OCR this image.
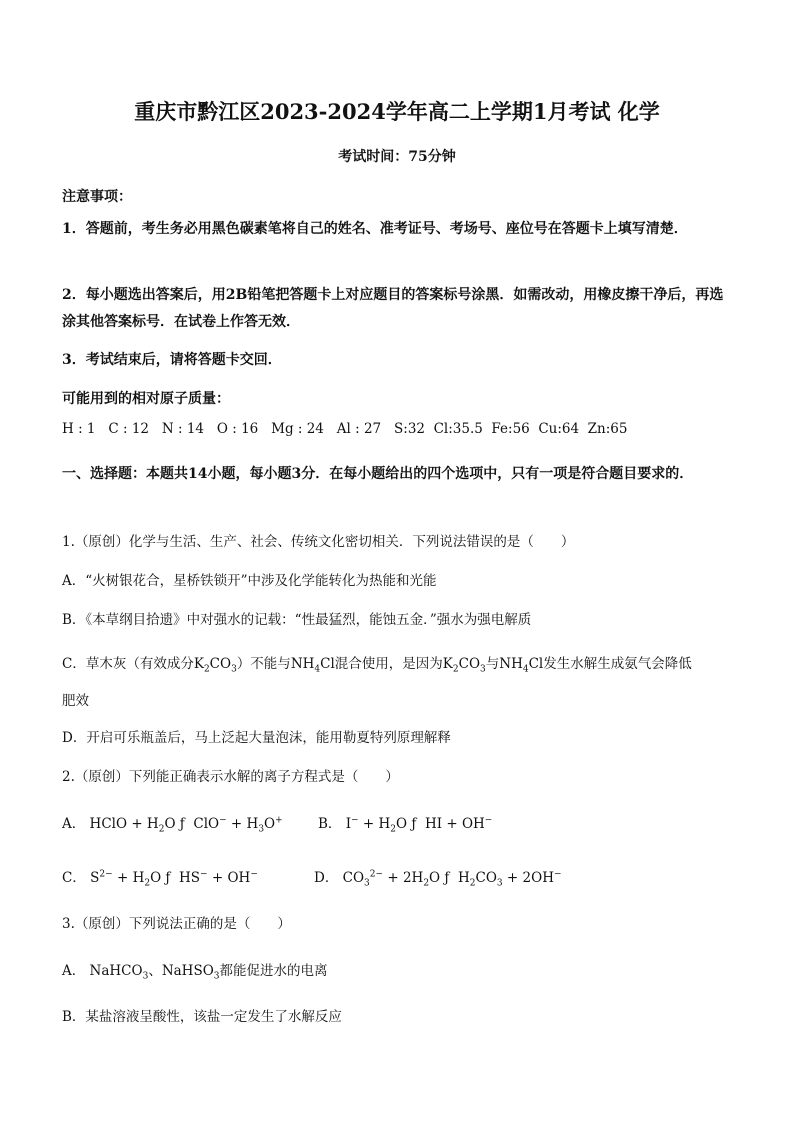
重庆市黔江区2023-2024学年高二上学期1月考试 化学
考试时间：75分钟
注意事项：
1．答题前，考生务必用黑色碳素笔将自己的姓名、准考证号、考场号、座位号在答题卡上填写清楚．
2．每小题选出答案后，用2B铅笔把答题卡上对应题目的答案标号涂黑．如需改动，用橡皮擦干净后，再选涂其他答案标号．在试卷上作答无效．
3．考试结束后，请将答题卡交回．
可能用到的相对原子质量：
H : 1   C : 12   N : 14   O : 16   Mg : 24   Al : 27   S:32  Cl:35.5  Fe:56  Cu:64  Zn:65
一、选择题：本题共14小题，每小题3分．在每小题给出的四个选项中，只有一项是符合题目要求的．
1.（原创）化学与生活、生产、社会、传统文化密切相关．下列说法错误的是（　　）
A．“火树银花合，星桥铁锁开”中涉及化学能转化为热能和光能
B．《本草纲目拾遗》中对强水的记载：“性最猛烈，能蚀五金．”强水为强电解质
C．草木灰（有效成分$K_2CO_3$）不能与$NH_4Cl$混合使用，是因为$K_2CO_3$与$NH_4Cl$发生水解生成氨气会降低
肥效
D．开启可乐瓶盖后，马上泛起大量泡沫，能用勒夏特列原理解释
2.（原创）下列能正确表示水解的离子方程式是（　　）
A． HClO + $H_2O$ ƒ  $ClO^- + H_3O^+$	B． $I^- + H_2O$ ƒ  HI + OH−
C． $S^{2-} + H_2O$ ƒ  HS− + OH−	D． $CO_3^{2-} + 2H_2O$ ƒ  $H_2CO_3 + 2OH^-$
3.（原创）下列说法正确的是（　　）
A． NaHCO$_3$、NaHSO$_3$都能促进水的电离
B．某盐溶液呈酸性，该盐一定发生了水解反应
